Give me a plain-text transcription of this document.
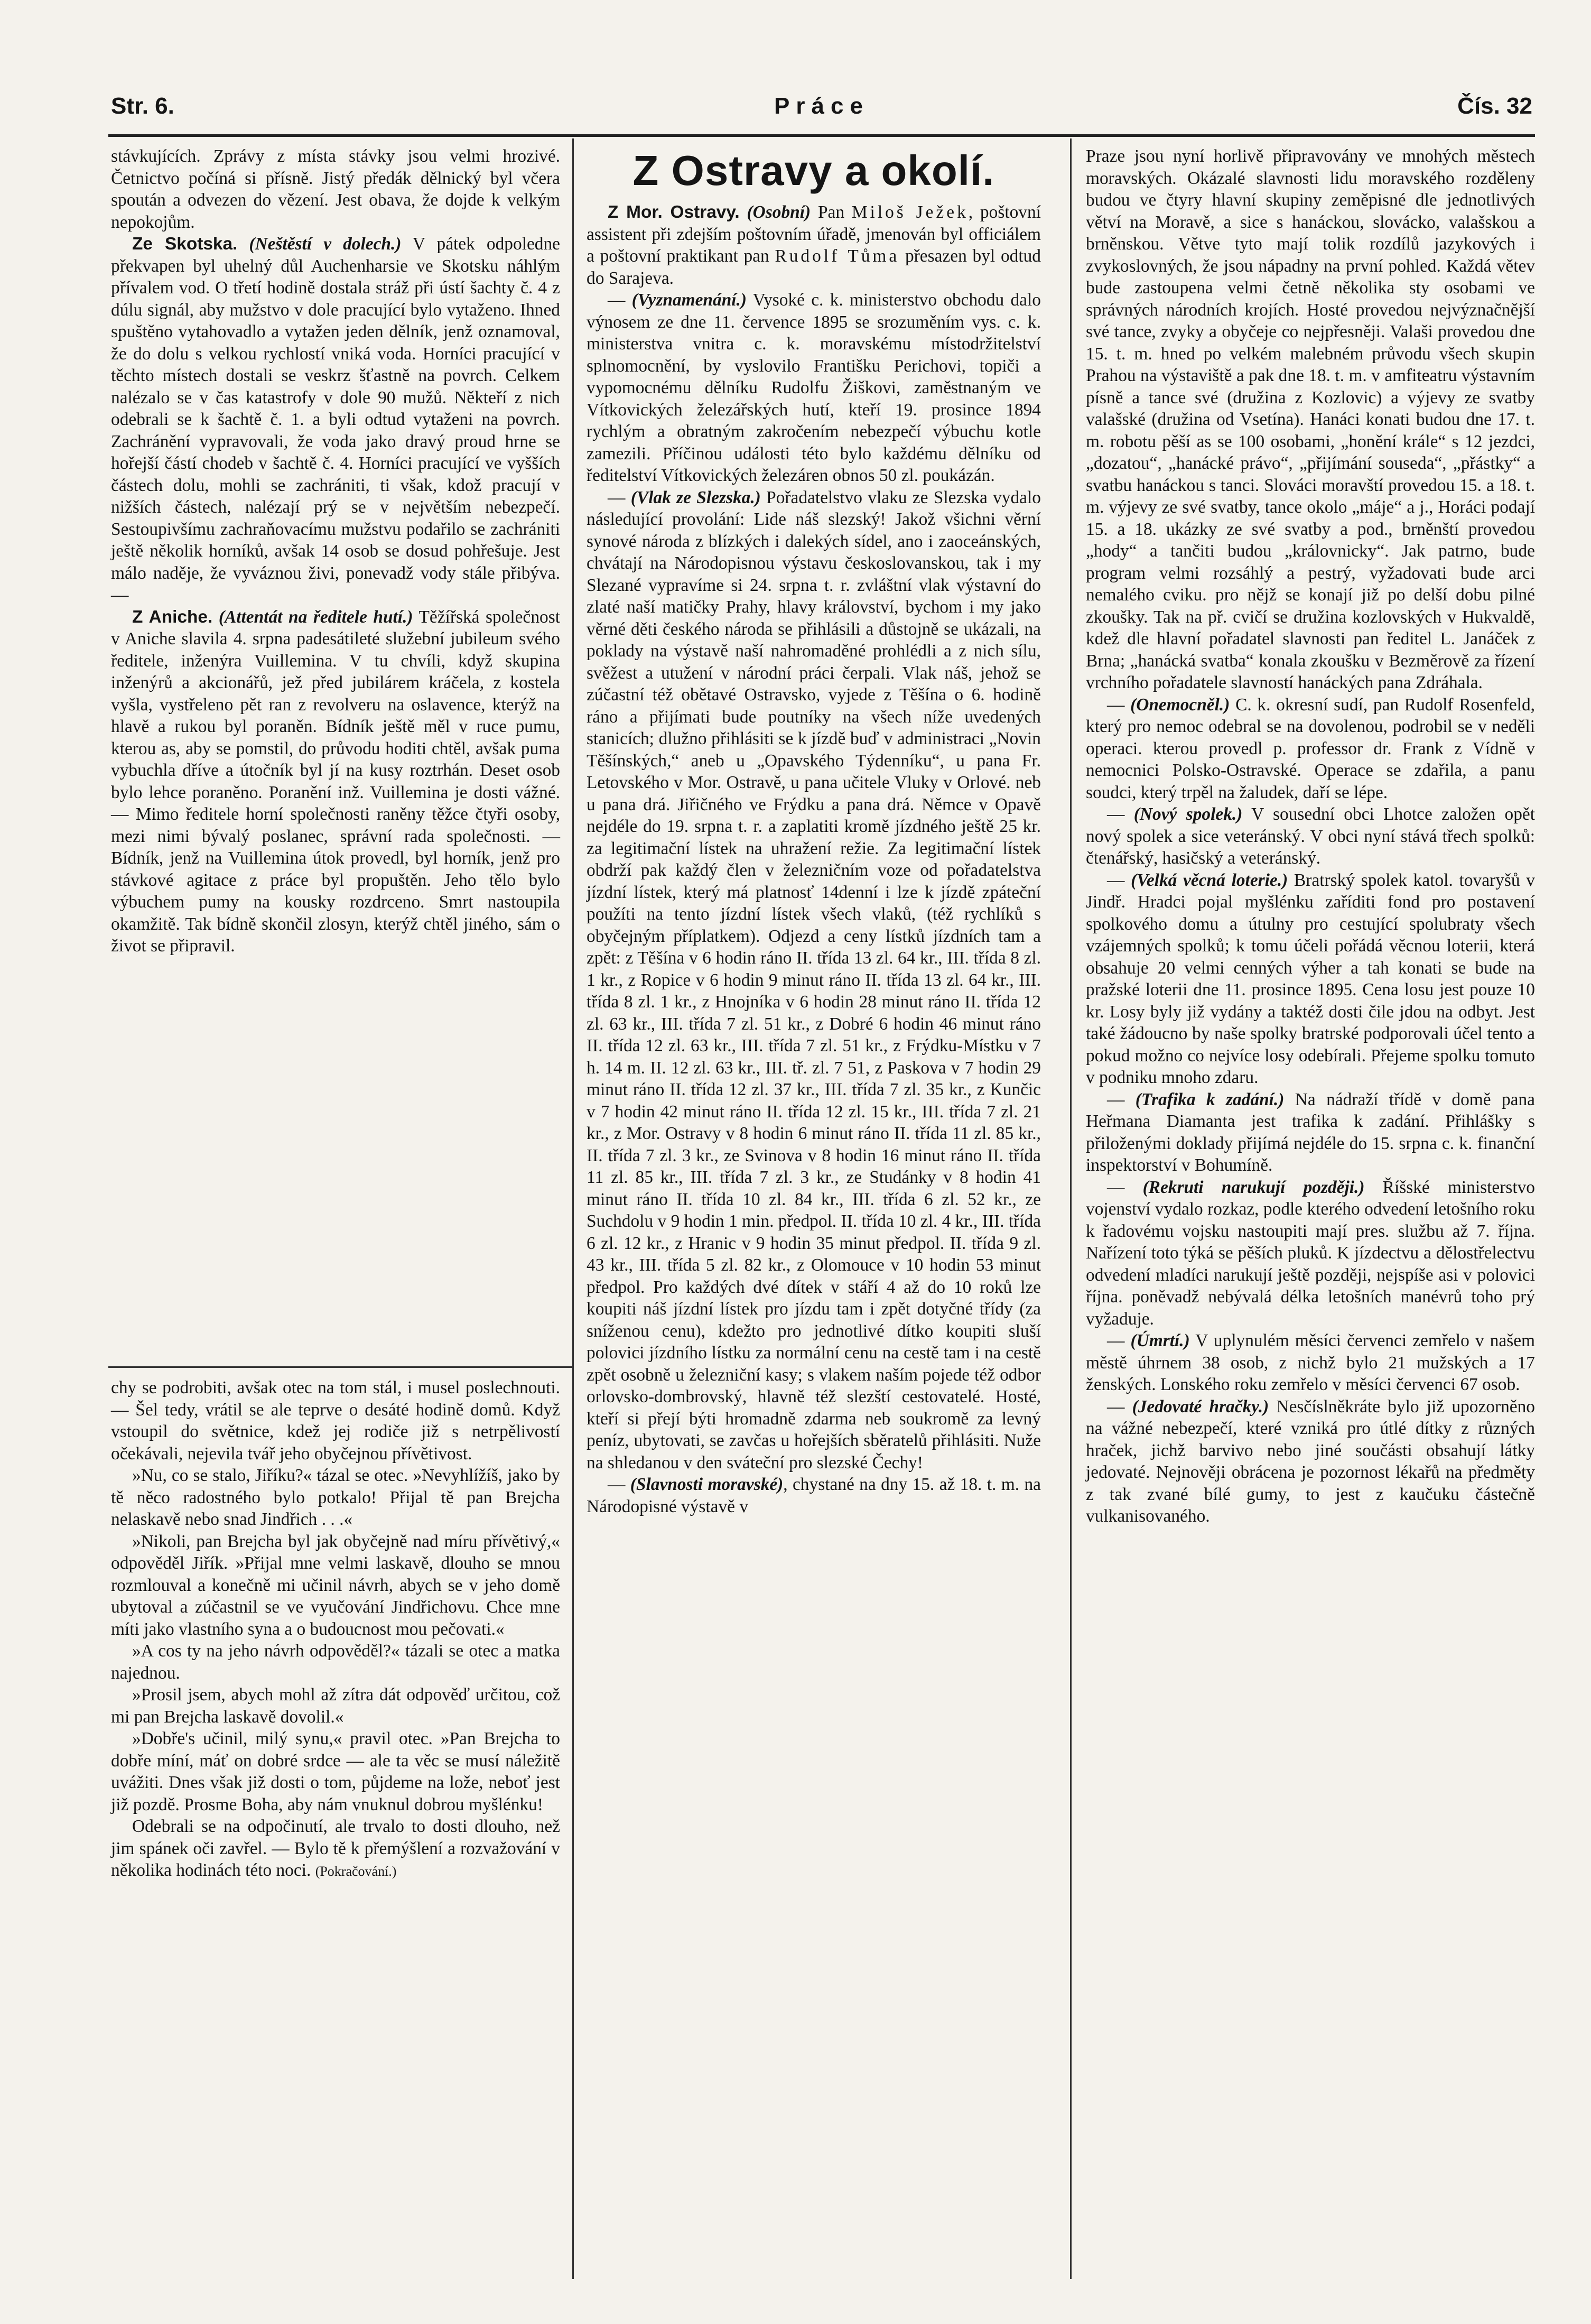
Str. 6.	Práce	Čís. 32

stávkujících. Zprávy z místa stávky jsou velmi hrozivé. Četnictvo počíná si přísně. Jistý předák dělnický byl včera spoután a odvezen do vězení. Jest obava, že dojde k velkým nepokojům.

Ze Skotska. (Neštěstí v dolech.) V pátek odpoledne překvapen byl uhelný důl Auchenharsie ve Skotsku náhlým přívalem vod. O třetí hodině dostala stráž při ústí šachty č. 4 z dúlu signál, aby mužstvo v dole pracující bylo vytaženo. Ihned spuštěno vytahovadlo a vytažen jeden dělník, jenž oznamoval, že do dolu s velkou rychlostí vniká voda. Horníci pracující v těchto místech dostali se veskrz šťastně na povrch. Celkem nalézalo se v čas katastrofy v dole 90 mužů. Někteří z nich odebrali se k šachtě č. 1. a byli odtud vytaženi na povrch. Zachránění vypravovali, že voda jako dravý proud hrne se hořejší částí chodeb v šachtě č. 4. Horníci pracující ve vyšších částech dolu, mohli se zachrániti, ti však, kdož pracují v nižších částech, nalézají prý se v největším nebezpečí. Sestoupivšímu zachraňovacímu mužstvu podařilo se zachrániti ještě několik horníků, avšak 14 osob se dosud pohřešuje. Jest málo naděje, že vyváznou živi, ponevadž vody stále přibýva. —

Z Aniche. (Attentát na ředitele hutí.) Těžířská společnost v Aniche slavila 4. srpna padesátileté služební jubileum svého ředitele, inženýra Vuillemina. V tu chvíli, když skupina inženýrů a akcionářů, jež před jubilárem kráčela, z kostela vyšla, vystřeleno pět ran z revolveru na oslavence, kterýž na hlavě a rukou byl poraněn. Bídník ještě měl v ruce pumu, kterou as, aby se pomstil, do průvodu hoditi chtěl, avšak puma vybuchla dříve a útočník byl jí na kusy roztrhán. Deset osob bylo lehce poraněno. Poranění inž. Vuillemina je dosti vážné. — Mimo ředitele horní společnosti raněny těžce čtyři osoby, mezi nimi bývalý poslanec, správní rada společnosti. — Bídník, jenž na Vuillemina útok provedl, byl horník, jenž pro stávkové agitace z práce byl propuštěn. Jeho tělo bylo výbuchem pumy na kousky rozdrceno. Smrt nastoupila okamžitě. Tak bídně skončil zlosyn, kterýž chtěl jiného, sám o život se připravil.

chy se podrobiti, avšak otec na tom stál, i musel poslechnouti. — Šel tedy, vrátil se ale teprve o desáté hodině domů. Když vstoupil do světnice, kdež jej rodiče již s netrpělivostí očekávali, nejevila tvář jeho obyčejnou přívětivost.

»Nu, co se stalo, Jiříku?« tázal se otec. »Nevyhlížíš, jako by tě něco radostného bylo potkalo! Přijal tě pan Brejcha nelaskavě nebo snad Jindřich . . .«

»Nikoli, pan Brejcha byl jak obyčejně nad míru přívětivý,« odpověděl Jiřík. »Přijal mne velmi laskavě, dlouho se mnou rozmlouval a konečně mi učinil návrh, abych se v jeho domě ubytoval a zúčastnil se ve vyučování Jindřichovu. Chce mne míti jako vlastního syna a o budoucnost mou pečovati.«

»A cos ty na jeho návrh odpověděl?« tázali se otec a matka najednou.

»Prosil jsem, abych mohl až zítra dát odpověď určitou, což mi pan Brejcha laskavě dovolil.«

»Dobře's učinil, milý synu,« pravil otec. »Pan Brejcha to dobře míní, máť on dobré srdce — ale ta věc se musí náležitě uvážiti. Dnes však již dosti o tom, půjdeme na lože, neboť jest již pozdě. Prosme Boha, aby nám vnuknul dobrou myšlénku!

Odebrali se na odpočinutí, ale trvalo to dosti dlouho, než jim spánek oči zavřel. — Bylo tě k přemýšlení a rozvažování v několika hodinách této noci. (Pokračování.)

Z Ostravy a okolí.

Z Mor. Ostravy. (Osobní) Pan Miloš Ježek, poštovní assistent při zdejším poštovním úřadě, jmenován byl officiálem a poštovní praktikant pan Rudolf Tůma přesazen byl odtud do Sarajeva.

— (Vyznamenání.) Vysoké c. k. ministerstvo obchodu dalo výnosem ze dne 11. července 1895 se srozuměním vys. c. k. ministerstva vnitra c. k. moravskému místodržitelství splnomocnění, by vyslovilo Františku Perichovi, topiči a vypomocnému dělníku Rudolfu Žiškovi, zaměstnaným ve Vítkovických železářských hutí, kteří 19. prosince 1894 rychlým a obratným zakročením nebezpečí výbuchu kotle zamezili. Příčinou události této bylo každému dělníku od ředitelství Vítkovických železáren obnos 50 zl. poukázán.

— (Vlak ze Slezska.) Pořadatelstvo vlaku ze Slezska vydalo následující provolání: Lide náš slezský! Jakož všichni věrní synové národa z blízkých i dalekých sídel, ano i zaoceánských, chvátají na Národopisnou výstavu českoslovanskou, tak i my Slezané vypravíme si 24. srpna t. r. zvláštní vlak výstavní do zlaté naší matičky Prahy, hlavy království, bychom i my jako věrné děti českého národa se přihlásili a důstojně se ukázali, na poklady na výstavě naší nahromaděné prohlédli a z nich sílu, svěžest a utužení v národní práci čerpali. Vlak náš, jehož se zúčastní též obětavé Ostravsko, vyjede z Těšína o 6. hodině ráno a přijímati bude poutníky na všech níže uvedených stanicích; dlužno přihlásiti se k jízdě buď v administraci „Novin Těšínských,“ aneb u „Opavského Týdenníku“, u pana Fr. Letovského v Mor. Ostravě, u pana učitele Vluky v Orlové. neb u pana drá. Jiřičného ve Frýdku a pana drá. Němce v Opavě nejdéle do 19. srpna t. r. a zaplatiti kromě jízdného ještě 25 kr. za legitimační lístek na uhražení režie. Za legitimační lístek obdrží pak každý člen v železničním voze od pořadatelstva jízdní lístek, který má platnosť 14denní i lze k jízdě zpáteční použíti na tento jízdní lístek všech vlaků, (též rychlíků s obyčejným příplatkem). Odjezd a ceny lístků jízdních tam a zpět: z Těšína v 6 hodin ráno II. třída 13 zl. 64 kr., III. třída 8 zl. 1 kr., z Ropice v 6 hodin 9 minut ráno II. třída 13 zl. 64 kr., III. třída 8 zl. 1 kr., z Hnojníka v 6 hodin 28 minut ráno II. třída 12 zl. 63 kr., III. třída 7 zl. 51 kr., z Dobré 6 hodin 46 minut ráno II. třída 12 zl. 63 kr., III. třída 7 zl. 51 kr., z Frýdku-Místku v 7 h. 14 m. II. 12 zl. 63 kr., III. tř. zl. 7 51, z Paskova v 7 hodin 29 minut ráno II. třída 12 zl. 37 kr., III. třída 7 zl. 35 kr., z Kunčic v 7 hodin 42 minut ráno II. třída 12 zl. 15 kr., III. třída 7 zl. 21 kr., z Mor. Ostravy v 8 hodin 6 minut ráno II. třída 11 zl. 85 kr., II. třída 7 zl. 3 kr., ze Svinova v 8 hodin 16 minut ráno II. třída 11 zl. 85 kr., III. třída 7 zl. 3 kr., ze Studánky v 8 hodin 41 minut ráno II. třída 10 zl. 84 kr., III. třída 6 zl. 52 kr., ze Suchdolu v 9 hodin 1 min. předpol. II. třída 10 zl. 4 kr., III. třída 6 zl. 12 kr., z Hranic v 9 hodin 35 minut předpol. II. třída 9 zl. 43 kr., III. třída 5 zl. 82 kr., z Olomouce v 10 hodin 53 minut předpol. Pro každých dvé dítek v stáří 4 až do 10 roků lze koupiti náš jízdní lístek pro jízdu tam i zpět dotyčné třídy (za sníženou cenu), kdežto pro jednotlivé dítko koupiti sluší polovici jízdního lístku za normální cenu na cestě tam i na cestě zpět osobně u železniční kasy; s vlakem naším pojede též odbor orlovsko-dombrovský, hlavně též slezští cestovatelé. Hosté, kteří si přejí býti hromadně zdarma neb soukromě za levný peníz, ubytovati, se zavčas u hořejších sběratelů přihlásiti. Nuže na shledanou v den sváteční pro slezské Čechy!

— (Slavnosti moravské), chystané na dny 15. až 18. t. m. na Národopisné výstavě v

Praze jsou nyní horlivě připravovány ve mnohých městech moravských. Okázalé slavnosti lidu moravského rozděleny budou ve čtyry hlavní skupiny zeměpisné dle jednotlivých větví na Moravě, a sice s hanáckou, slovácko, valašskou a brněnskou. Větve tyto mají tolik rozdílů jazykových i zvykoslovných, že jsou nápadny na první pohled. Každá větev bude zastoupena velmi četně několika sty osobami ve správných národních krojích. Hosté provedou nejvýznačnější své tance, zvyky a obyčeje co nejpřesněji. Valaši provedou dne 15. t. m. hned po velkém malebném průvodu všech skupin Prahou na výstaviště a pak dne 18. t. m. v amfiteatru výstavním písně a tance své (družina z Kozlovic) a výjevy ze svatby valašské (družina od Vsetína). Hanáci konati budou dne 17. t. m. robotu pěší as se 100 osobami, „honění krále“ s 12 jezdci, „dozatou“, „hanácké právo“, „přijímání souseda“, „přástky“ a svatbu hanáckou s tanci. Slováci moravští provedou 15. a 18. t. m. výjevy ze své svatby, tance okolo „máje“ a j., Horáci podají 15. a 18. ukázky ze své svatby a pod., brněnští provedou „hody“ a tančiti budou „královnicky“. Jak patrno, bude program velmi rozsáhlý a pestrý, vyžadovati bude arci nemalého cviku. pro nějž se konají již po delší dobu pilné zkoušky. Tak na př. cvičí se družina kozlovských v Hukvaldě, kdež dle hlavní pořadatel slavnosti pan ředitel L. Janáček z Brna; „hanácká svatba“ konala zkoušku v Bezměrově za řízení vrchního pořadatele slavností hanáckých pana Zdráhala.

— (Onemocněl.) C. k. okresní sudí, pan Rudolf Rosenfeld, který pro nemoc odebral se na dovolenou, podrobil se v neděli operaci. kterou provedl p. professor dr. Frank z Vídně v nemocnici Polsko-Ostravské. Operace se zdařila, a panu soudci, který trpěl na žaludek, daří se lépe.

— (Nový spolek.) V sousední obci Lhotce založen opět nový spolek a sice veteránský. V obci nyní stává třech spolků: čtenářský, hasičský a veteránský.

— (Velká věcná loterie.) Bratrský spolek katol. tovaryšů v Jindř. Hradci pojal myšlénku zaříditi fond pro postavení spolkového domu a útulny pro cestující spolubraty všech vzájemných spolků; k tomu účeli pořádá věcnou loterii, která obsahuje 20 velmi cenných výher a tah konati se bude na pražské loterii dne 11. prosince 1895. Cena losu jest pouze 10 kr. Losy byly již vydány a taktéž dosti čile jdou na odbyt. Jest také žádoucno by naše spolky bratrské podporovali účel tento a pokud možno co nejvíce losy odebírali. Přejeme spolku tomuto v podniku mnoho zdaru.

— (Trafika k zadání.) Na nádraží třídě v domě pana Heřmana Diamanta jest trafika k zadání. Přihlášky s přiloženými doklady přijímá nejdéle do 15. srpna c. k. finanční inspektorství v Bohumíně.

— (Rekruti narukují později.) Říšské ministerstvo vojenství vydalo rozkaz, podle kterého odvedení letošního roku k řadovému vojsku nastoupiti mají pres. službu až 7. října. Nařízení toto týká se pěších pluků. K jízdectvu a dělostřelectvu odvedení mladíci narukují ještě později, nejspíše asi v polovici října. poněvadž nebývalá délka letošních manévrů toho prý vyžaduje.

— (Úmrtí.) V uplynulém měsíci červenci zemřelo v našem městě úhrnem 38 osob, z nichž bylo 21 mužských a 17 ženských. Lonského roku zemřelo v měsíci červenci 67 osob.

— (Jedovaté hračky.) Nesčíslněkráte bylo již upozorněno na vážné nebezpečí, které vzniká pro útlé dítky z různých hraček, jichž barvivo nebo jiné součásti obsahují látky jedovaté. Nejnověji obrácena je pozornost lékařů na předměty z tak zvané bílé gumy, to jest z kaučuku částečně vulkanisovaného.
